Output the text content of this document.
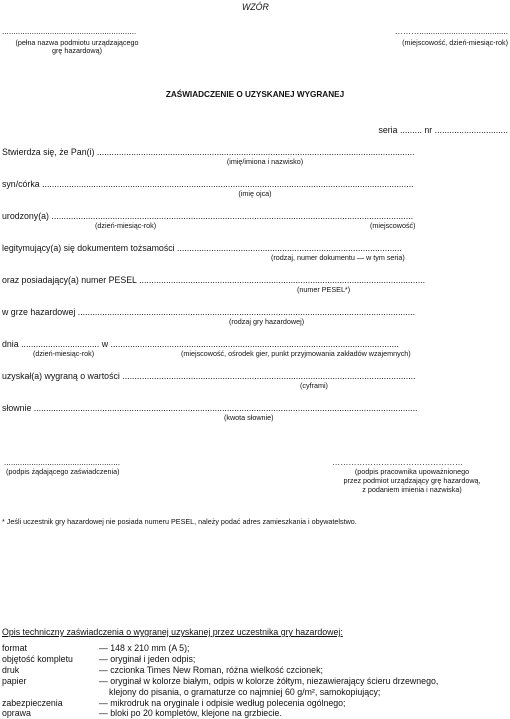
WZÓR
...........................................................
(pełna nazwa podmiotu urządzającego
grę hazardową)
……….......................................
(miejscowość, dzień-miesiąc-rok)
ZAŚWIADCZENIE O UZYSKANEJ WYGRANEJ
seria ......... nr ..............................
Stwierdza się, że Pan(i) ..................................................................................................................................
(imię/imiona i nazwisko)
syn/córka ........................................................................................................................................................
(imię ojca)
urodzony(a) ....................................................................................................................................................
(dzień-miesiąc-rok)	(miejscowość)
legitymujący(a) się dokumentem tożsamości ............................................................................................
(rodzaj, numer dokumentu — w tym seria)
oraz posiadający(a) numer PESEL .....................................................................................................................
(numer PESEL*)
w grze hazardowej ..........................................................................................................................................
(rodzaj gry hazardowej)
dnia ................................ w ......................................................................................................................
(dzień-miesiąc-rok)	(miejscowość, ośrodek gier, punkt przyjmowania zakładów wzajemnych)
uzyskał(a) wygraną o wartości ........................................................................................................................
(cyframi)
słownie .............................................................................................................................................................
(kwota słownie)
...................................................
(podpis żądającego zaświadczenia)
…………………………………………
(podpis pracownika upoważnionego
przez podmiot urządzający grę hazardową,
z podaniem imienia i nazwiska)
* Jeśli uczestnik gry hazardowej nie posiada numeru PESEL, należy podać adres zamieszkania i obywatelstwo.
Opis techniczny zaświadczenia o wygranej uzyskanej przez uczestnika gry hazardowej:
format	— 148 x 210 mm (A 5);
objętość kompletu	— oryginał i jeden odpis;
druk	— czcionka Times New Roman, różna wielkość czcionek;
papier	— oryginał w kolorze białym, odpis w kolorze żółtym, niezawierający ścieru drzewnego,
klejony do pisania, o gramaturze co najmniej 60 g/m², samokopiujący;
zabezpieczenia	— mikrodruk na oryginale i odpisie według polecenia ogólnego;
oprawa	— bloki po 20 kompletów, klejone na grzbiecie.
